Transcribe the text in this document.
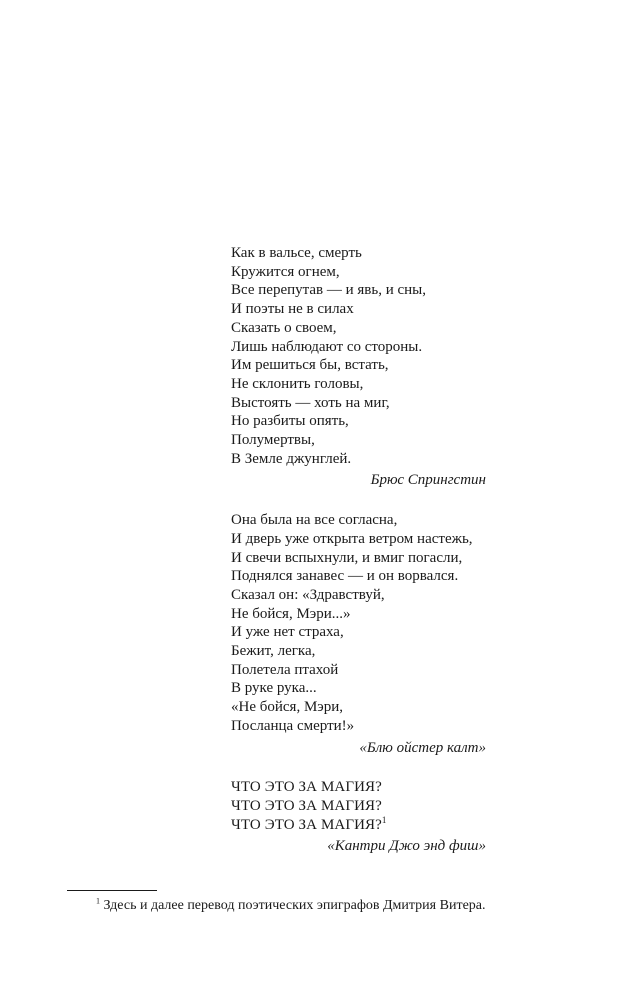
Как в вальсе, смерть

Кружится огнем,

Все перепутав — и явь, и сны,

И поэты не в силах

Сказать о своем,

Лишь наблюдают со стороны.

Им решиться бы, встать,

Не склонить головы,

Выстоять — хоть на миг,

Но разбиты опять,

Полумертвы,

В Земле джунглей.

Брюс Спрингстин

Она была на все согласна,

И дверь уже открыта ветром настежь,

И свечи вспыхнули, и вмиг погасли,

Поднялся занавес — и он ворвался.

Сказал он: «Здравствуй,

Не бойся, Мэри...»

И уже нет страха,

Бежит, легка,

Полетела птахой

В руке рука...

«Не бойся, Мэри,

Посланца смерти!»

«Блю ойстер калт»

ЧТО ЭТО ЗА МАГИЯ?

ЧТО ЭТО ЗА МАГИЯ?

ЧТО ЭТО ЗА МАГИЯ?$^1$

«Кантри Джо энд фиш»
$^1$ Здесь и далее перевод поэтических эпиграфов Дмитрия Витера.
